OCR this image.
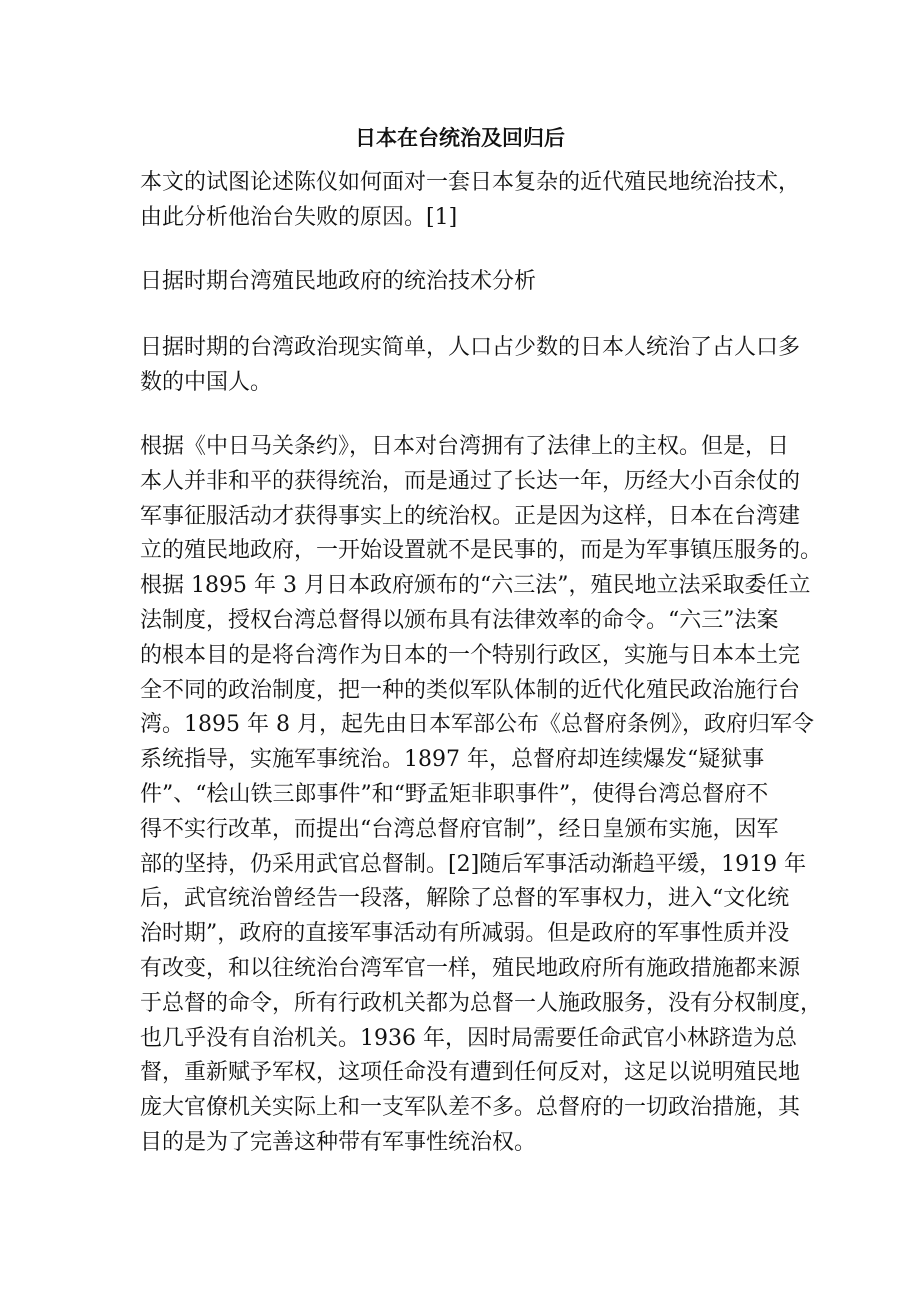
日本在台统治及回归后
本文的试图论述陈仪如何面对一套日本复杂的近代殖民地统治技术，
由此分析他治台失败的原因。[1]
日据时期台湾殖民地政府的统治技术分析
日据时期的台湾政治现实简单，人口占少数的日本人统治了占人口多
数的中国人。
根据《中日马关条约》，日本对台湾拥有了法律上的主权。但是，日
本人并非和平的获得统治，而是通过了长达一年，历经大小百余仗的
军事征服活动才获得事实上的统治权。正是因为这样，日本在台湾建
立的殖民地政府，一开始设置就不是民事的，而是为军事镇压服务的。
根据 1895 年 3 月日本政府颁布的“六三法”，殖民地立法采取委任立
法制度，授权台湾总督得以颁布具有法律效率的命令。“六三”法案
的根本目的是将台湾作为日本的一个特别行政区，实施与日本本土完
全不同的政治制度，把一种的类似军队体制的近代化殖民政治施行台
湾。1895 年 8 月，起先由日本军部公布《总督府条例》，政府归军令
系统指导，实施军事统治。1897 年，总督府却连续爆发“疑狱事
件”、“桧山铁三郎事件”和“野孟矩非职事件”，使得台湾总督府不
得不实行改革，而提出“台湾总督府官制”，经日皇颁布实施，因军
部的坚持，仍采用武官总督制。[2]随后军事活动渐趋平缓，1919 年
后，武官统治曾经告一段落，解除了总督的军事权力，进入“文化统
治时期”，政府的直接军事活动有所减弱。但是政府的军事性质并没
有改变，和以往统治台湾军官一样，殖民地政府所有施政措施都来源
于总督的命令，所有行政机关都为总督一人施政服务，没有分权制度，
也几乎没有自治机关。1936 年，因时局需要任命武官小林跻造为总
督，重新赋予军权，这项任命没有遭到任何反对，这足以说明殖民地
庞大官僚机关实际上和一支军队差不多。总督府的一切政治措施，其
目的是为了完善这种带有军事性统治权。
